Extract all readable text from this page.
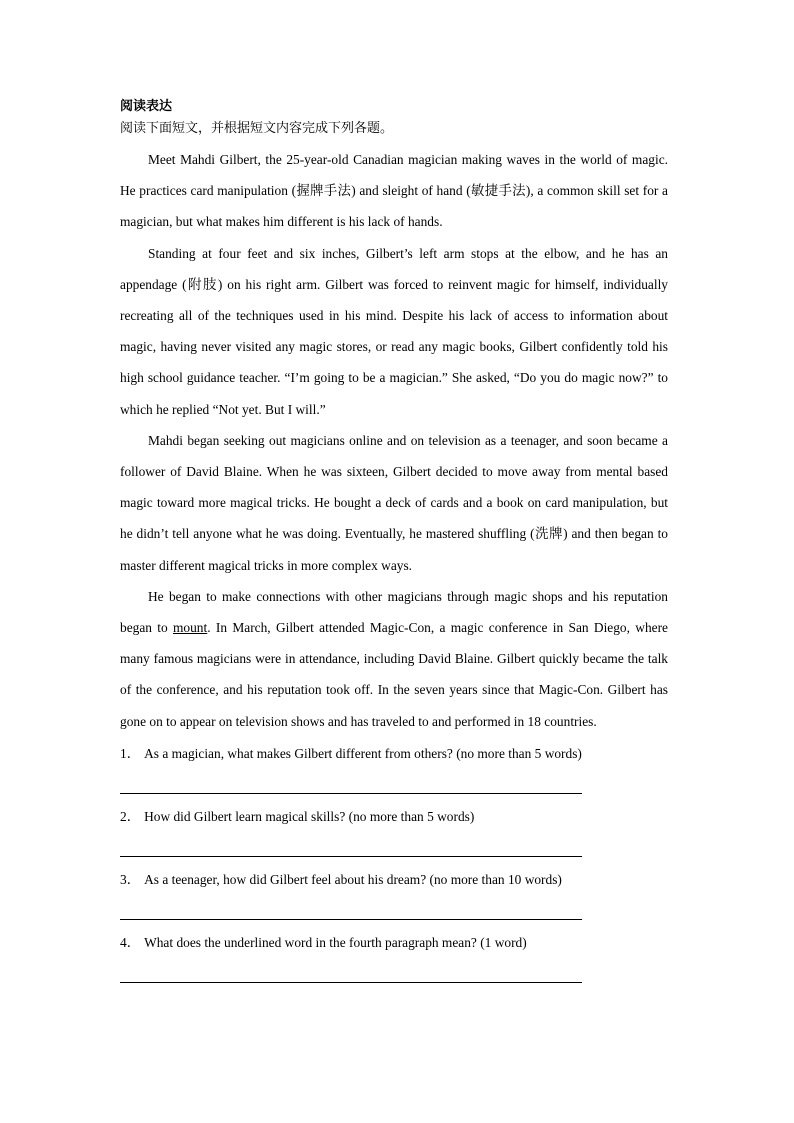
阅读表达
阅读下面短文，并根据短文内容完成下列各题。

Meet Mahdi Gilbert, the 25-year-old Canadian magician making waves in the world of magic. He practices card manipulation (握牌手法) and sleight of hand (敏捷手法), a common skill set for a magician, but what makes him different is his lack of hands.

Standing at four feet and six inches, Gilbert’s left arm stops at the elbow, and he has an appendage (附肢) on his right arm. Gilbert was forced to reinvent magic for himself, individually recreating all of the techniques used in his mind. Despite his lack of access to information about magic, having never visited any magic stores, or read any magic books, Gilbert confidently told his high school guidance teacher. “I’m going to be a magician.” She asked, “Do you do magic now?” to which he replied “Not yet. But I will.”

Mahdi began seeking out magicians online and on television as a teenager, and soon became a follower of David Blaine. When he was sixteen, Gilbert decided to move away from mental based magic toward more magical tricks. He bought a deck of cards and a book on card manipulation, but he didn’t tell anyone what he was doing. Eventually, he mastered shuffling (洗牌) and then began to master different magical tricks in more complex ways.

He began to make connections with other magicians through magic shops and his reputation began to mount. In March, Gilbert attended Magic-Con, a magic conference in San Diego, where many famous magicians were in attendance, including David Blaine. Gilbert quickly became the talk of the conference, and his reputation took off. In the seven years since that Magic-Con. Gilbert has gone on to appear on television shows and has traveled to and performed in 18 countries.

1． As a magician, what makes Gilbert different from others? (no more than 5 words)
2． How did Gilbert learn magical skills? (no more than 5 words)
3． As a teenager, how did Gilbert feel about his dream? (no more than 10 words)
4． What does the underlined word in the fourth paragraph mean? (1 word)
